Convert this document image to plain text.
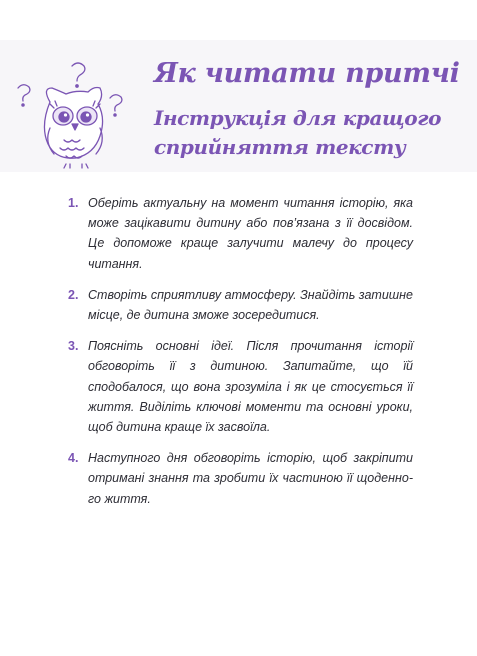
Як читати притчі
Інструкція для кращого сприйняття тексту
1. Оберіть актуальну на момент читання історію, яка може зацікавити дитину або пов’язана з її досвідом. Це допоможе краще залучити малечу до процесу читання.
2. Створіть сприятливу атмосферу. Знайдіть затишне місце, де дитина зможе зосередитися.
3. Поясніть основні ідеї. Після прочитання історії обговоріть її з дитиною. Запитайте, що їй сподобалося, що вона зрозуміла і як це стосується її життя. Виділіть ключові моменти та основні уроки, щоб дитина краще їх засвоїла.
4. Наступного дня обговоріть історію, щоб закріпити отримані знання та зробити їх частиною її щоденного життя.
